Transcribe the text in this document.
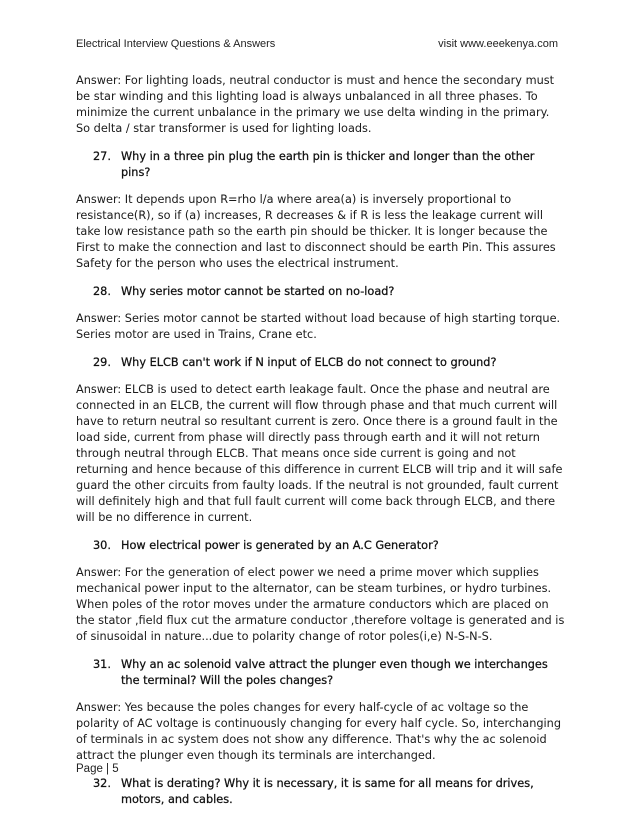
Electrical Interview Questions & Answers	visit www.eeekenya.com

Answer: For lighting loads, neutral conductor is must and hence the secondary must be star winding and this lighting load is always unbalanced in all three phases. To minimize the current unbalance in the primary we use delta winding in the primary. So delta / star transformer is used for lighting loads.

27. Why in a three pin plug the earth pin is thicker and longer than the other pins?

Answer: It depends upon R=rho l/a where area(a) is inversely proportional to resistance(R), so if (a) increases, R decreases & if R is less the leakage current will take low resistance path so the earth pin should be thicker. It is longer because the First to make the connection and last to disconnect should be earth Pin. This assures Safety for the person who uses the electrical instrument.

28. Why series motor cannot be started on no-load?

Answer: Series motor cannot be started without load because of high starting torque. Series motor are used in Trains, Crane etc.

29. Why ELCB can't work if N input of ELCB do not connect to ground?

Answer: ELCB is used to detect earth leakage fault. Once the phase and neutral are connected in an ELCB, the current will flow through phase and that much current will have to return neutral so resultant current is zero. Once there is a ground fault in the load side, current from phase will directly pass through earth and it will not return through neutral through ELCB. That means once side current is going and not returning and hence because of this difference in current ELCB will trip and it will safe guard the other circuits from faulty loads. If the neutral is not grounded, fault current will definitely high and that full fault current will come back through ELCB, and there will be no difference in current.

30. How electrical power is generated by an A.C Generator?

Answer: For the generation of elect power we need a prime mover which supplies mechanical power input to the alternator, can be steam turbines, or hydro turbines. When poles of the rotor moves under the armature conductors which are placed on the stator ,field flux cut the armature conductor ,therefore voltage is generated and is of sinusoidal in nature...due to polarity change of rotor poles(i,e) N-S-N-S.

31. Why an ac solenoid valve attract the plunger even though we interchanges the terminal? Will the poles changes?

Answer: Yes because the poles changes for every half-cycle of ac voltage so the polarity of AC voltage is continuously changing for every half cycle. So, interchanging of terminals in ac system does not show any difference. That's why the ac solenoid attract the plunger even though its terminals are interchanged.

32. What is derating? Why it is necessary, it is same for all means for drives, motors, and cables.
Page | 5
